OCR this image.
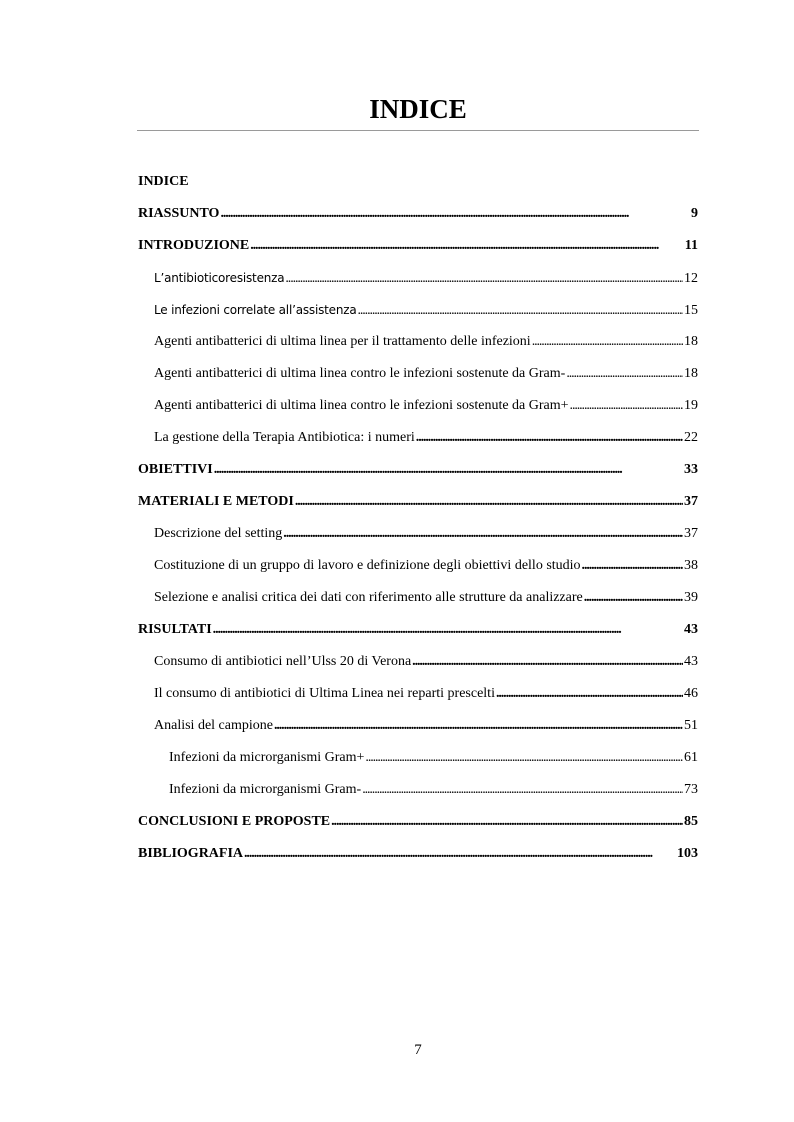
INDICE
INDICE
RIASSUNTO . . .	9
INTRODUZIONE . . .	11
L’antibioticoresistenza . . .	12
Le infezioni correlate all’assistenza . . .	15
Agenti antibatterici di ultima linea per il trattamento delle infezioni . . .	18
Agenti antibatterici di ultima linea contro le infezioni sostenute da Gram- . . .	18
Agenti antibatterici di ultima linea contro le infezioni sostenute da Gram+ . . .	19
La gestione della Terapia Antibiotica: i numeri . . .	22
OBIETTIVI . . .	33
MATERIALI E METODI . . .	37
Descrizione del setting . . .	37
Costituzione di un gruppo di lavoro e definizione degli obiettivi dello studio . . .	38
Selezione e analisi critica dei dati con riferimento alle strutture da analizzare . . .	39
RISULTATI . . .	43
Consumo di antibiotici nell’Ulss 20 di Verona . . .	43
Il consumo di antibiotici di Ultima Linea nei reparti prescelti . . .	46
Analisi del campione . . .	51
Infezioni da microrganismi Gram+ . . .	61
Infezioni da microrganismi Gram- . . .	73
CONCLUSIONI E PROPOSTE . . .	85
BIBLIOGRAFIA . . .	103
7
